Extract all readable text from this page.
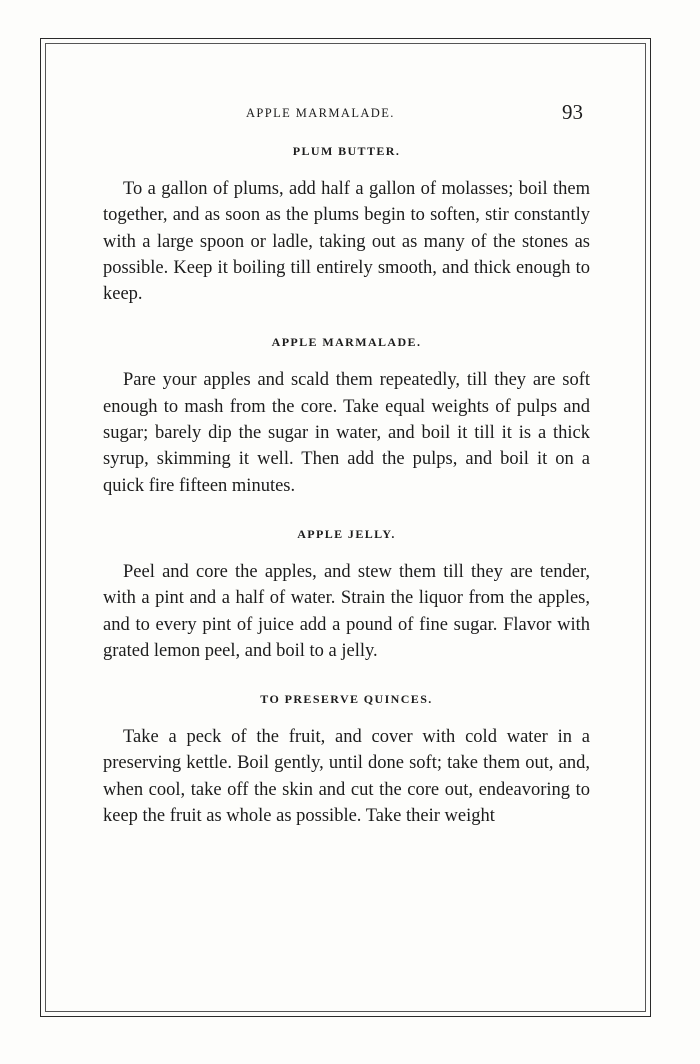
APPLE MARMALADE.	93
PLUM BUTTER.

To a gallon of plums, add half a gallon of molasses; boil them together, and as soon as the plums begin to soften, stir constantly with a large spoon or ladle, taking out as many of the stones as possible. Keep it boiling till entirely smooth, and thick enough to keep.

APPLE MARMALADE.

Pare your apples and scald them repeatedly, till they are soft enough to mash from the core. Take equal weights of pulps and sugar; barely dip the sugar in water, and boil it till it is a thick syrup, skimming it well. Then add the pulps, and boil it on a quick fire fifteen minutes.

APPLE JELLY.

Peel and core the apples, and stew them till they are tender, with a pint and a half of water. Strain the liquor from the apples, and to every pint of juice add a pound of fine sugar. Flavor with grated lemon peel, and boil to a jelly.

TO PRESERVE QUINCES.

Take a peck of the fruit, and cover with cold water in a preserving kettle. Boil gently, until done soft; take them out, and, when cool, take off the skin and cut the core out, endeavoring to keep the fruit as whole as possible. Take their weight
